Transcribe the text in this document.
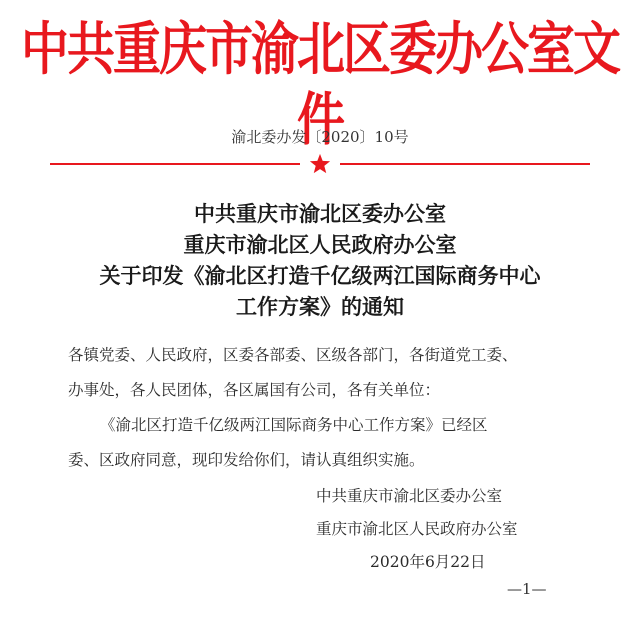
中共重庆市渝北区委办公室文件
渝北委办发〔2020〕10号
中共重庆市渝北区委办公室
重庆市渝北区人民政府办公室
关于印发《渝北区打造千亿级两江国际商务中心
工作方案》的通知
各镇党委、人民政府，区委各部委、区级各部门，各街道党工委、
办事处，各人民团体，各区属国有公司，各有关单位：
《渝北区打造千亿级两江国际商务中心工作方案》已经区
委、区政府同意，现印发给你们，请认真组织实施。
中共重庆市渝北区委办公室
重庆市渝北区人民政府办公室
2020年6月22日
—1—
